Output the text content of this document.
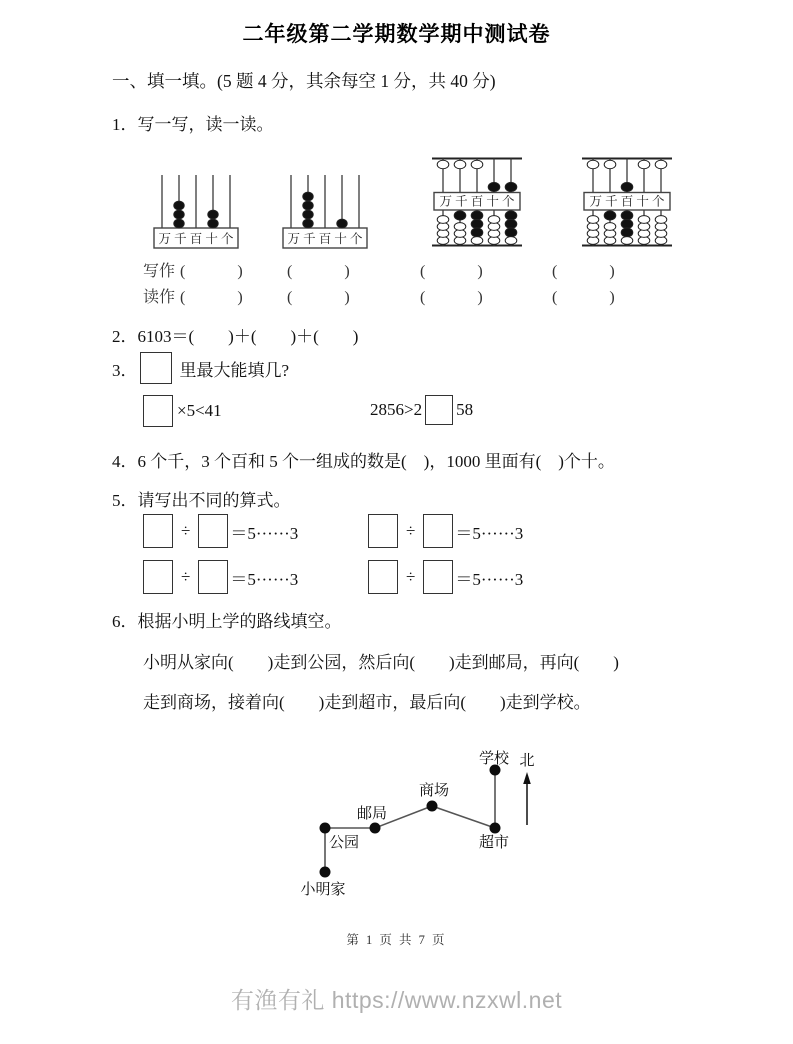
二年级第二学期数学期中测试卷
一、填一填。(5 题 4 分，其余每空 1 分，共 40 分)
1．写一写，读一读。
万 千 百 十 个	万 千 百 十 个
万 千 百 十 个	万 千 百 十 个
写作 (　　　)	(　　　)	(　　　)	(　　　)
读作 (　　　)	(　　　)	(　　　)	(　　　)
2．6103＝(　　)＋(　　)＋(　　)
3． 里最大能填几?
×5<41	2856>2 58
4．6 个千，3 个百和 5 个一组成的数是(　)，1000 里面有(　)个十。
5．请写出不同的算式。
÷ ＝5······3	÷ ＝5······3
÷ ＝5······3	÷ ＝5······3
6．根据小明上学的路线填空。
小明从家向(　　)走到公园，然后向(　　)走到邮局，再向(　　)
走到商场，接着向(　　)走到超市，最后向(　　)走到学校。
小明家
公园
邮局
商场
超市
学校 北
第 1 页 共 7 页
有渔有礼 https://www.nzxwl.net
